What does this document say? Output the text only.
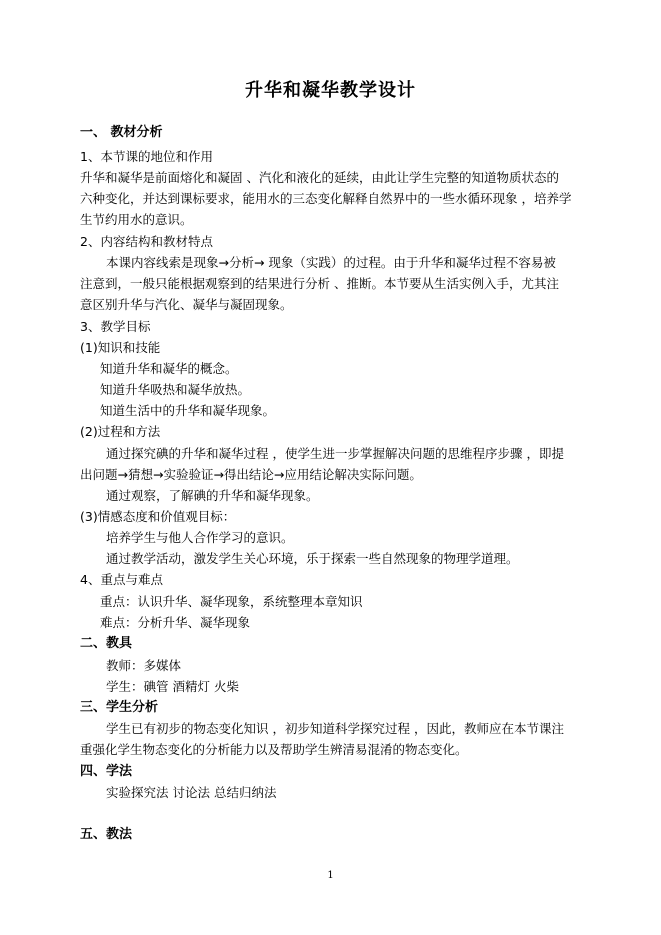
升华和凝华教学设计
一、 教材分析
1、本节课的地位和作用
升华和凝华是前面熔化和凝固 、汽化和液化的延续，由此让学生完整的知道物质状态的
六种变化，并达到课标要求，能用水的三态变化解释自然界中的一些水循环现象 ，培养学
生节约用水的意识。
2、内容结构和教材特点
本课内容线索是现象→分析→ 现象（实践）的过程。由于升华和凝华过程不容易被
注意到，一般只能根据观察到的结果进行分析 、推断。本节要从生活实例入手，尤其注
意区别升华与汽化、凝华与凝固现象。
3、教学目标
(1)知识和技能
知道升华和凝华的概念。
知道升华吸热和凝华放热。
知道生活中的升华和凝华现象。
(2)过程和方法
通过探究碘的升华和凝华过程 ，使学生进一步掌握解决问题的思维程序步骤 ，即提
出问题→猜想→实验验证→得出结论→应用结论解决实际问题。
通过观察，了解碘的升华和凝华现象。
(3)情感态度和价值观目标：
培养学生与他人合作学习的意识。
通过教学活动，激发学生关心环境，乐于探索一些自然现象的物理学道理。
4、重点与难点
重点：认识升华、凝华现象，系统整理本章知识
难点：分析升华、凝华现象
二、教具
教师：多媒体
学生：碘管 酒精灯 火柴
三、学生分析
学生已有初步的物态变化知识 ，初步知道科学探究过程 ，因此，教师应在本节课注
重强化学生物态变化的分析能力以及帮助学生辨清易混淆的物态变化。
四、学法
实验探究法 讨论法 总结归纳法
五、教法
1
